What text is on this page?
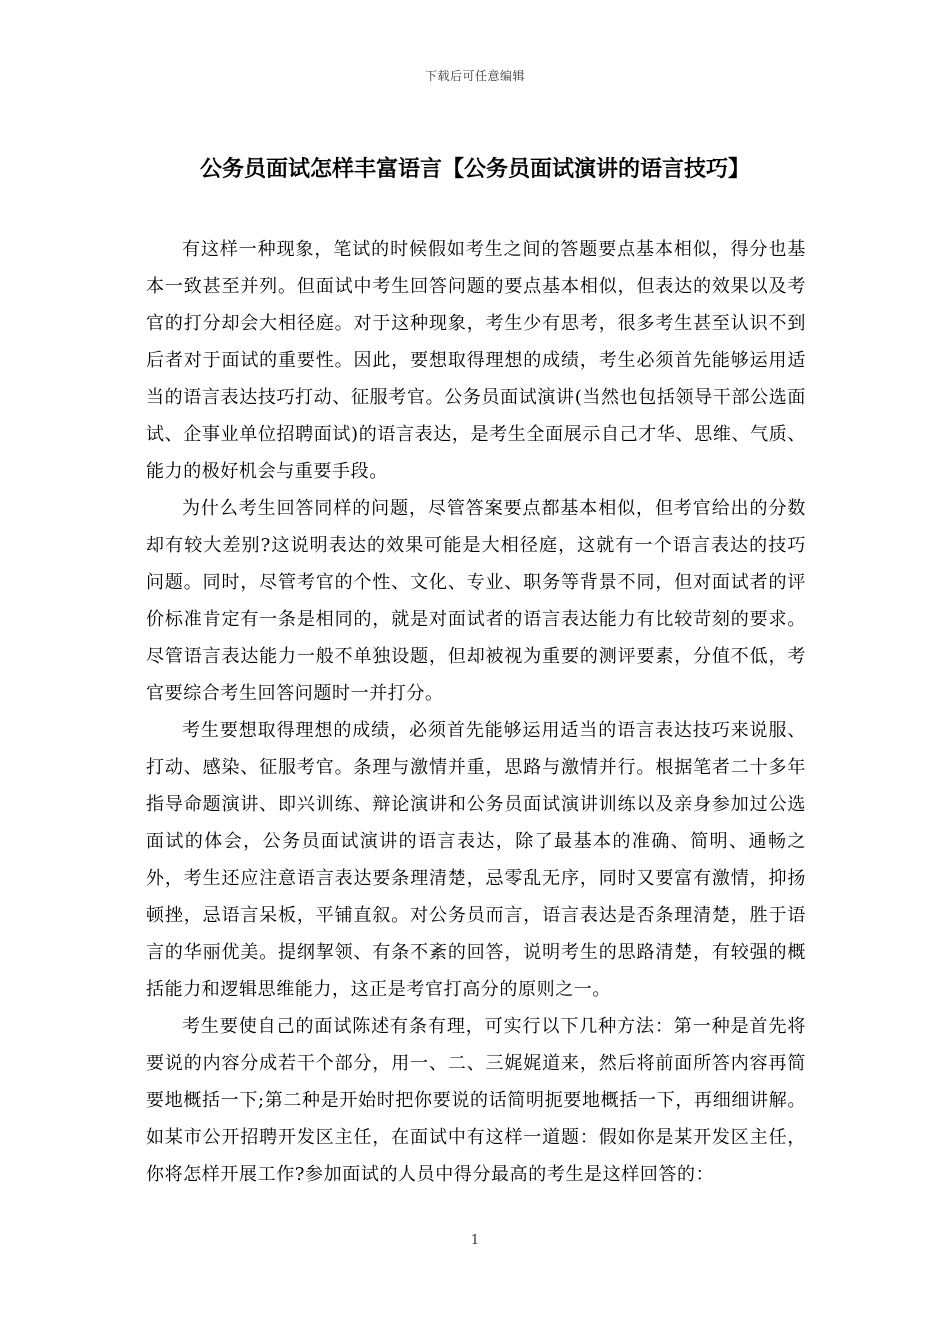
下载后可任意编辑
公务员面试怎样丰富语言【公务员面试演讲的语言技巧】

有这样一种现象，笔试的时候假如考生之间的答题要点基本相似，得分也基本一致甚至并列。但面试中考生回答问题的要点基本相似，但表达的效果以及考官的打分却会大相径庭。对于这种现象，考生少有思考，很多考生甚至认识不到后者对于面试的重要性。因此，要想取得理想的成绩，考生必须首先能够运用适当的语言表达技巧打动、征服考官。公务员面试演讲(当然也包括领导干部公选面试、企事业单位招聘面试)的语言表达，是考生全面展示自己才华、思维、气质、能力的极好机会与重要手段。

为什么考生回答同样的问题，尽管答案要点都基本相似，但考官给出的分数却有较大差别?这说明表达的效果可能是大相径庭，这就有一个语言表达的技巧问题。同时，尽管考官的个性、文化、专业、职务等背景不同，但对面试者的评价标准肯定有一条是相同的，就是对面试者的语言表达能力有比较苛刻的要求。尽管语言表达能力一般不单独设题，但却被视为重要的测评要素，分值不低，考官要综合考生回答问题时一并打分。

考生要想取得理想的成绩，必须首先能够运用适当的语言表达技巧来说服、打动、感染、征服考官。条理与激情并重，思路与激情并行。根据笔者二十多年指导命题演讲、即兴训练、辩论演讲和公务员面试演讲训练以及亲身参加过公选面试的体会，公务员面试演讲的语言表达，除了最基本的准确、简明、通畅之外，考生还应注意语言表达要条理清楚，忌零乱无序，同时又要富有激情，抑扬顿挫，忌语言呆板，平铺直叙。对公务员而言，语言表达是否条理清楚，胜于语言的华丽优美。提纲挈领、有条不紊的回答，说明考生的思路清楚，有较强的概括能力和逻辑思维能力，这正是考官打高分的原则之一。

考生要使自己的面试陈述有条有理，可实行以下几种方法：第一种是首先将要说的内容分成若干个部分，用一、二、三娓娓道来，然后将前面所答内容再简要地概括一下;第二种是开始时把你要说的话简明扼要地概括一下，再细细讲解。如某市公开招聘开发区主任，在面试中有这样一道题：假如你是某开发区主任，你将怎样开展工作?参加面试的人员中得分最高的考生是这样回答的：

1
